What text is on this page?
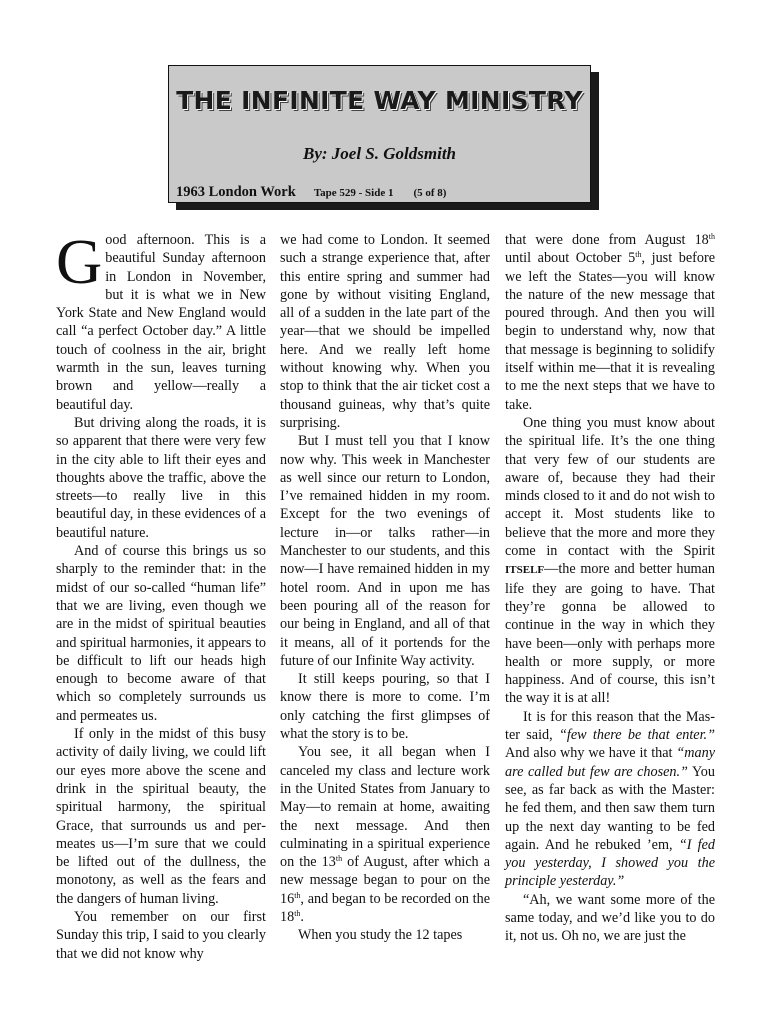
THE INFINITE WAY MINISTRY
By: Joel S. Goldsmith
1963 London Work Tape 529 - Side 1 (5 of 8)

Good afternoon. This is a beautiful Sunday afternoon in London in November, but it is what we in New York State and New England would call “a perfect October day.” A little touch of coolness in the air, bright warmth in the sun, leaves turning brown and yellow—really a beautiful day.

But driving along the roads, it is so apparent that there were very few in the city able to lift their eyes and thoughts above the traffic, above the streets—to really live in this beautiful day, in these evidences of a beautiful nature.

And of course this brings us so sharply to the reminder that: in the midst of our so-called “human life” that we are living, even though we are in the midst of spiritual beauties and spiritual harmonies, it appears to be difficult to lift our heads high enough to become aware of that which so completely surrounds us and permeates us.

If only in the midst of this busy activity of daily living, we could lift our eyes more above the scene and drink in the spiritual beauty, the spiritual harmony, the spiritual Grace, that surrounds us and permeates us—I’m sure that we could be lifted out of the dullness, the monotony, as well as the fears and the dangers of human living.

You remember on our first Sunday this trip, I said to you clearly that we did not know why

we had come to London. It seemed such a strange experience that, after this entire spring and summer had gone by without visiting England, all of a sudden in the late part of the year—that we should be impelled here. And we really left home without knowing why. When you stop to think that the air ticket cost a thousand guineas, why that’s quite surprising.

But I must tell you that I know now why. This week in Manchester as well since our return to London, I’ve remained hidden in my room. Except for the two evenings of lecture in—or talks rather—in Manchester to our students, and this now—I have remained hidden in my hotel room. And in upon me has been pouring all of the reason for our being in England, and all of that it means, all of it portends for the future of our Infinite Way activity.

It still keeps pouring, so that I know there is more to come. I’m only catching the first glimpses of what the story is to be.

You see, it all began when I canceled my class and lecture work in the United States from January to May—to remain at home, awaiting the next message. And then culminating in a spiritual experience on the 13th of August, after which a new message began to pour on the 16th, and began to be recorded on the 18th.

When you study the 12 tapes

that were done from August 18th until about October 5th, just before we left the States—you will know the nature of the new message that poured through. And then you will begin to understand why, now that that message is beginning to solidify itself within me—that it is revealing to me the next steps that we have to take.

One thing you must know about the spiritual life. It’s the one thing that very few of our students are aware of, because they had their minds closed to it and do not wish to accept it. Most students like to believe that the more and more they come in contact with the Spirit ITSELF—the more and better human life they are going to have. That they’re gonna be allowed to continue in the way in which they have been—only with perhaps more health or more supply, or more happiness. And of course, this isn’t the way it is at all!

It is for this reason that the Master said, “few there be that enter.” And also why we have it that “many are called but few are chosen.” You see, as far back as with the Master: he fed them, and then saw them turn up the next day wanting to be fed again. And he rebuked ’em, “I fed you yesterday, I showed you the principle yesterday.”

“Ah, we want some more of the same today, and we’d like you to do it, not us. Oh no, we are just the
